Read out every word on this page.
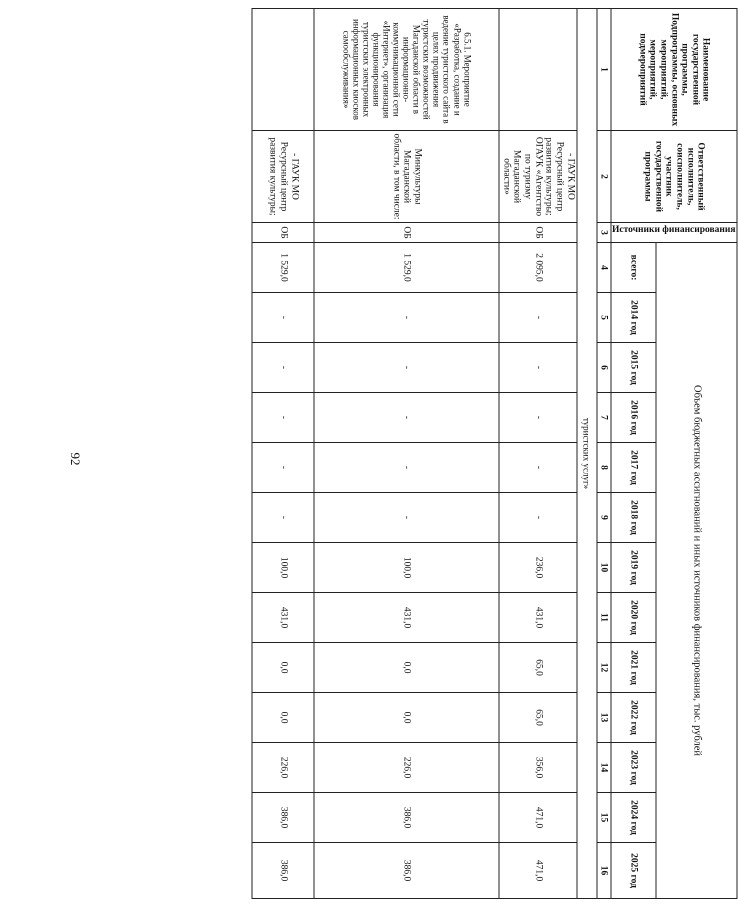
92
Наименование государственной программы, Подпрограммы, основных мероприятий, мероприятий, подмероприятий	Ответственный исполнитель, соисполнитель, участник государственной программы	Источники финансирования	Объем бюджетных ассигнований и иных источников финансирования, тыс. рублей												
			всего:	2014 год	2015 год	2016 год	2017 год	2018 год	2019 год	2020 год	2021 год	2022 год	2023 год	2024 год	2025 год
1	2	3	4	5	6	7	8	9	10	11	12	13	14	15	16
туристских услуг»															
	- ГАУК МО Ресурсный центр развития культуры; ОГАУК «Агентство по туризму Магаданской области»	ОБ	2 095,0	-	-	-	-	-	236,0	431,0	65,0	65,0	356,0	471,0	471,0
6.5.1. Мероприятие «Разработка, создание и ведение туристского сайта в целях продвижения туристских возможностей Магаданской области в информационно-коммуникационной сети «Интернет», организация функционирования туристских электронных информационных киосков самообслуживания»	Минкультуры Магаданской области, в том числе:	ОБ	1 529,0	-	-	-	-	-	100,0	431,0	0,0	0,0	226,0	386,0	386,0
	- ГАУК МО Ресурсный центр развития культуры;	ОБ	1 529,0	-	-	-	-	-	100,0	431,0	0,0	0,0	226,0	386,0	386,0
